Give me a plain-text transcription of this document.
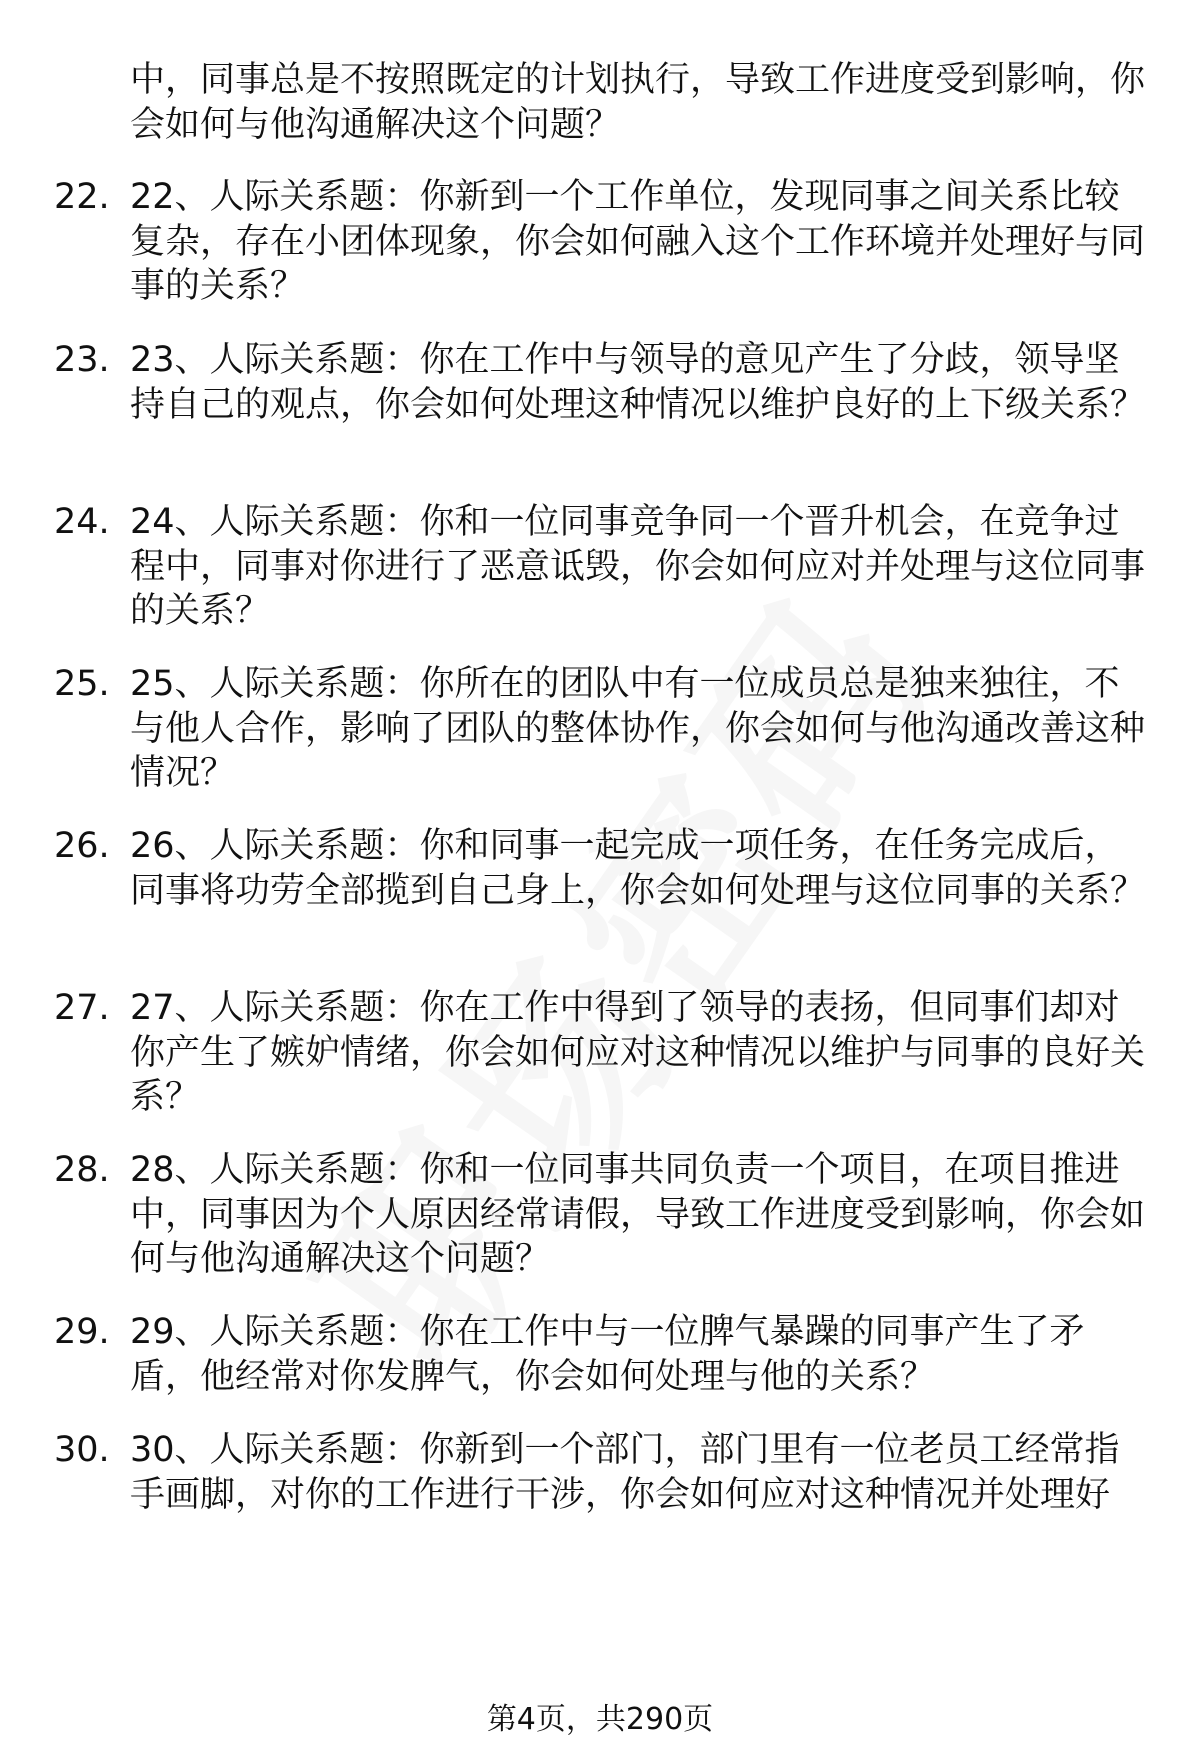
中，同事总是不按照既定的计划执行，导致工作进度受到影响，你会如何与他沟通解决这个问题？
22. 22、人际关系题：你新到一个工作单位，发现同事之间关系比较复杂，存在小团体现象，你会如何融入这个工作环境并处理好与同事的关系？
23. 23、人际关系题：你在工作中与领导的意见产生了分歧，领导坚持自己的观点，你会如何处理这种情况以维护良好的上下级关系？
24. 24、人际关系题：你和一位同事竞争同一个晋升机会，在竞争过程中，同事对你进行了恶意诋毁，你会如何应对并处理与这位同事的关系？
25. 25、人际关系题：你所在的团队中有一位成员总是独来独往，不与他人合作，影响了团队的整体协作，你会如何与他沟通改善这种情况？
26. 26、人际关系题：你和同事一起完成一项任务，在任务完成后，同事将功劳全部揽到自己身上，你会如何处理与这位同事的关系？
27. 27、人际关系题：你在工作中得到了领导的表扬，但同事们却对你产生了嫉妒情绪，你会如何应对这种情况以维护与同事的良好关系？
28. 28、人际关系题：你和一位同事共同负责一个项目，在项目推进中，同事因为个人原因经常请假，导致工作进度受到影响，你会如何与他沟通解决这个问题？
29. 29、人际关系题：你在工作中与一位脾气暴躁的同事产生了矛盾，他经常对你发脾气，你会如何处理与他的关系？
30. 30、人际关系题：你新到一个部门，部门里有一位老员工经常指手画脚，对你的工作进行干涉，你会如何应对这种情况并处理好
第4页，共290页
